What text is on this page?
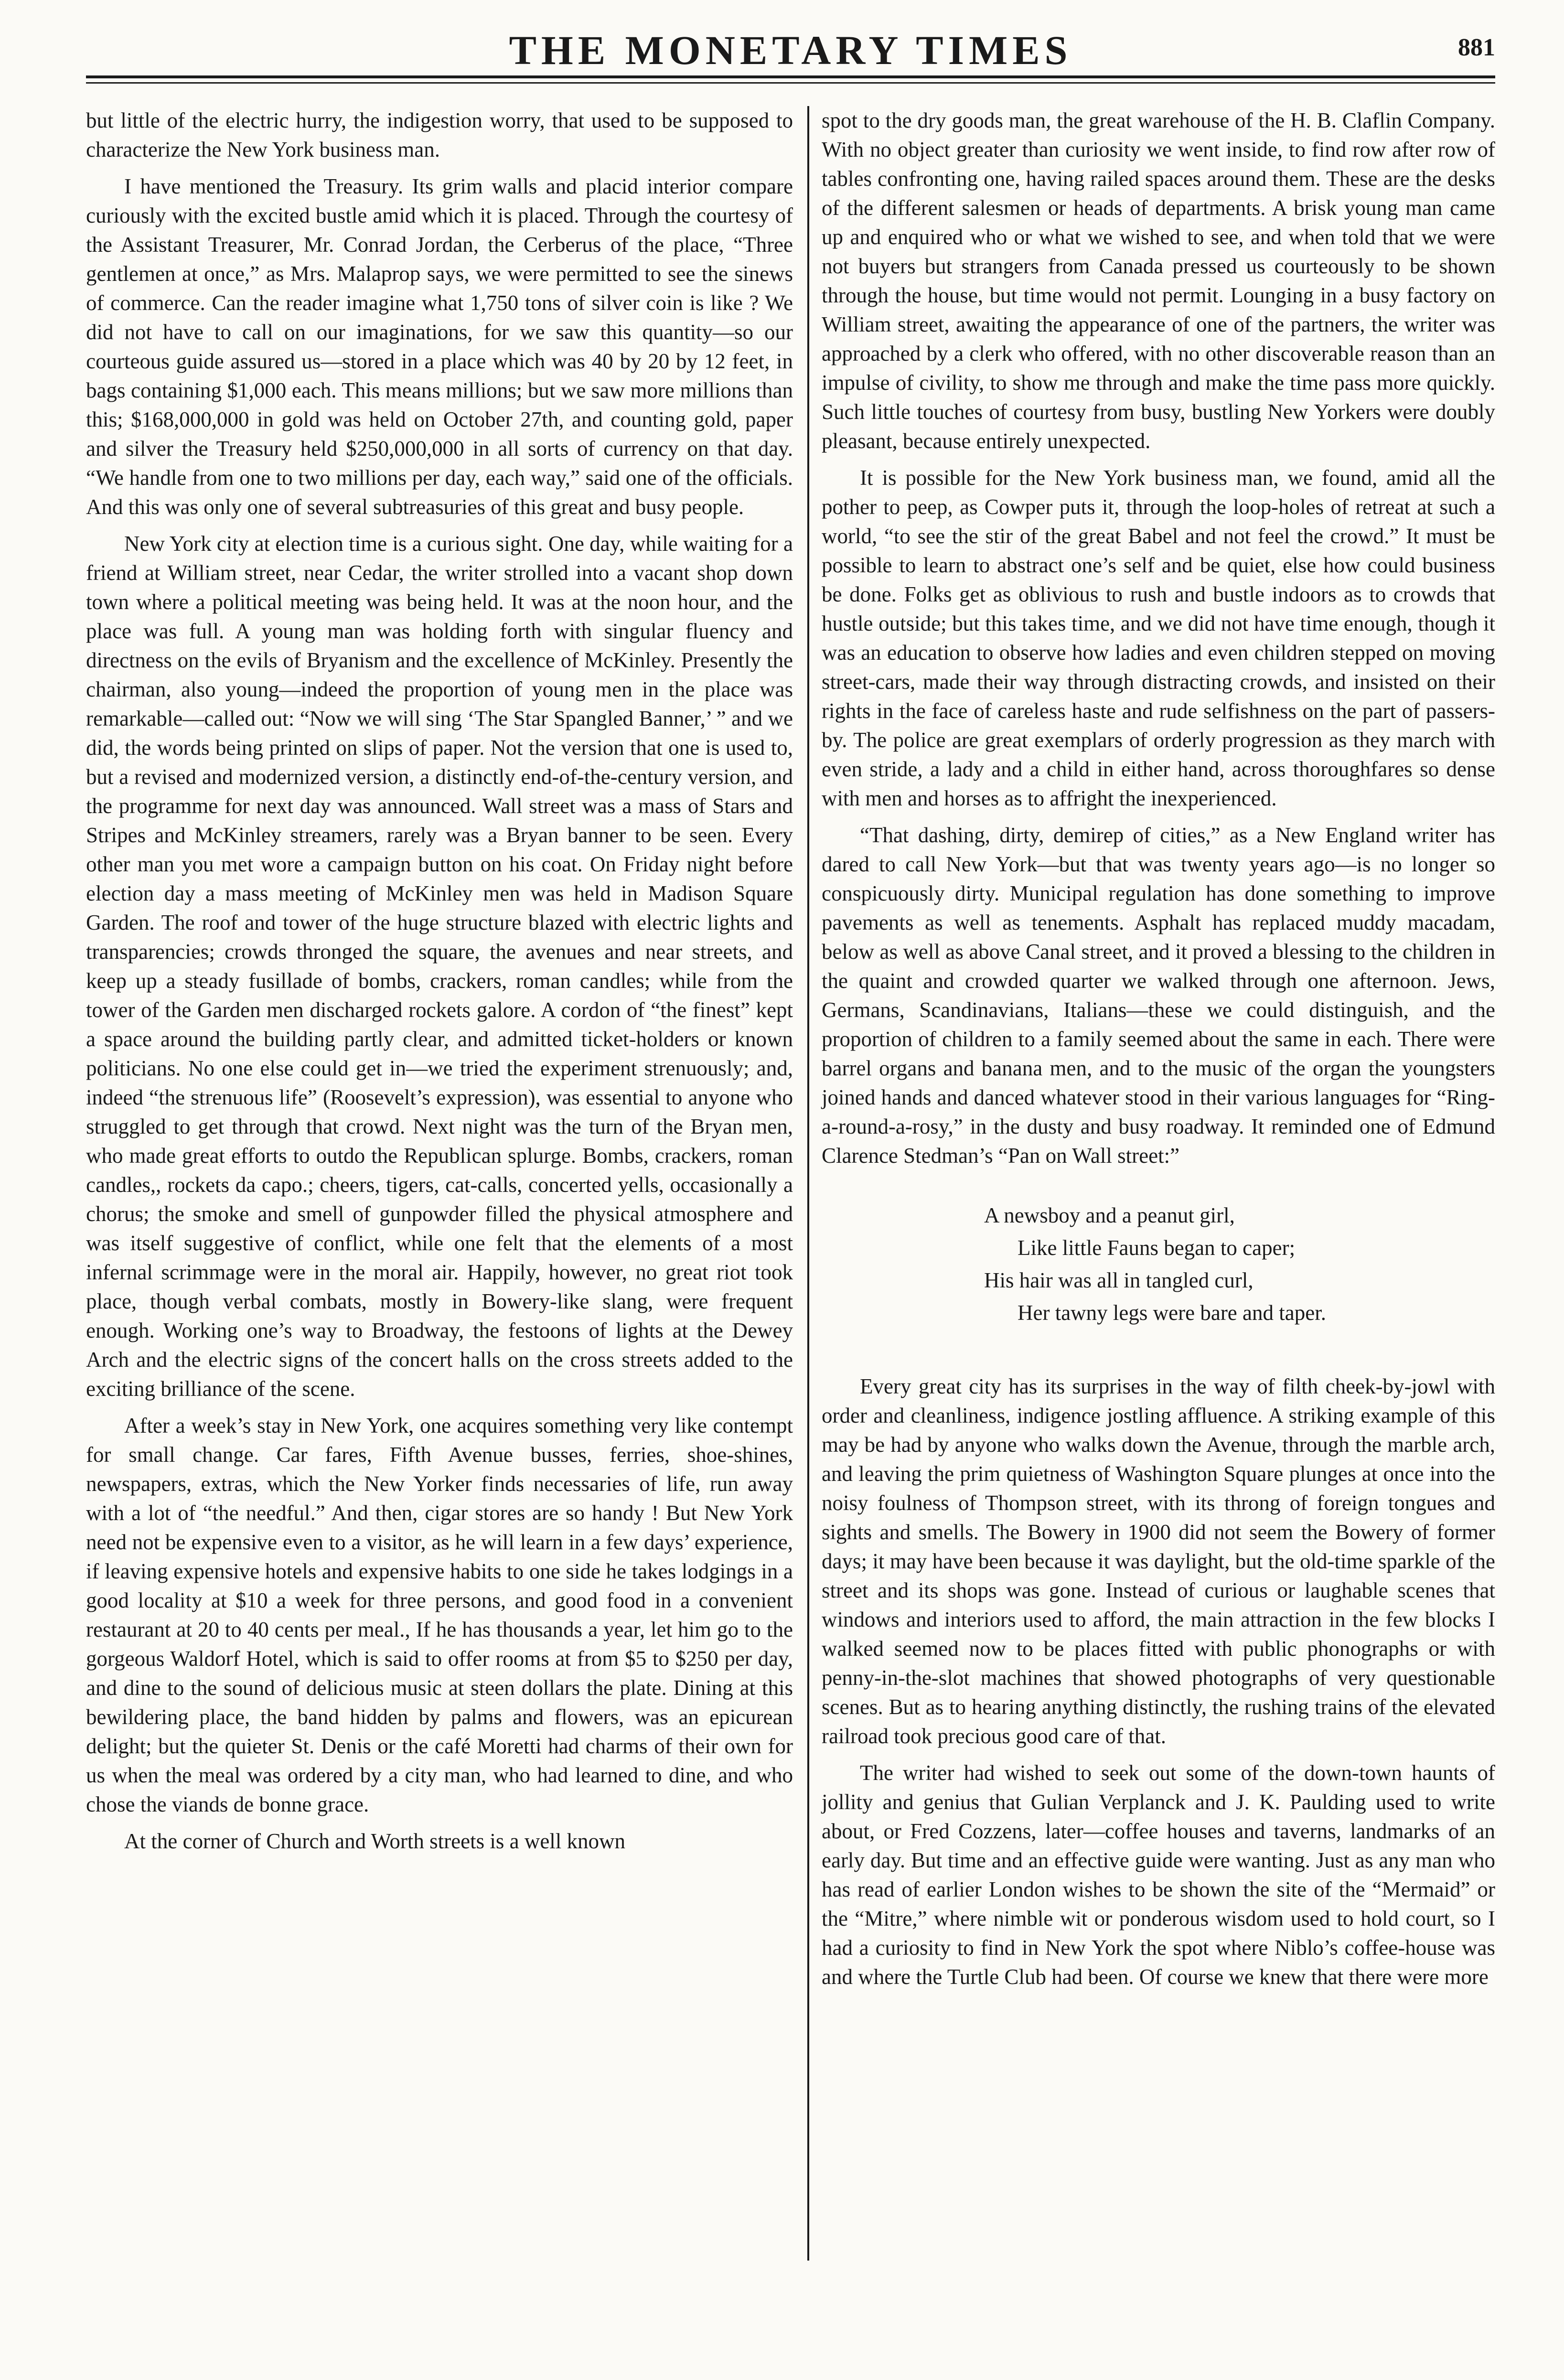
THE MONETARY TIMES	881

but little of the electric hurry, the indigestion worry, that used to be supposed to characterize the New York business man.

I have mentioned the Treasury. Its grim walls and placid interior compare curiously with the excited bustle amid which it is placed. Through the courtesy of the Assistant Treasurer, Mr. Conrad Jordan, the Cerberus of the place, “Three gentlemen at once,” as Mrs. Malaprop says, we were permitted to see the sinews of commerce. Can the reader imagine what 1,750 tons of silver coin is like ? We did not have to call on our imaginations, for we saw this quantity—so our courteous guide assured us—stored in a place which was 40 by 20 by 12 feet, in bags containing $1,000 each. This means millions; but we saw more millions than this; $168,000,000 in gold was held on October 27th, and counting gold, paper and silver the Treasury held $250,000,000 in all sorts of currency on that day. “We handle from one to two millions per day, each way,” said one of the officials. And this was only one of several subtreasuries of this great and busy people.

New York city at election time is a curious sight. One day, while waiting for a friend at William street, near Cedar, the writer strolled into a vacant shop down town where a political meeting was being held. It was at the noon hour, and the place was full. A young man was holding forth with singular fluency and directness on the evils of Bryanism and the excellence of McKinley. Presently the chairman, also young—indeed the proportion of young men in the place was remarkable—called out: “Now we will sing ‘The Star Spangled Banner,’ ” and we did, the words being printed on slips of paper. Not the version that one is used to, but a revised and modernized version, a distinctly end-of-the-century version, and the programme for next day was announced. Wall street was a mass of Stars and Stripes and McKinley streamers, rarely was a Bryan banner to be seen. Every other man you met wore a campaign button on his coat. On Friday night before election day a mass meeting of McKinley men was held in Madison Square Garden. The roof and tower of the huge structure blazed with electric lights and transparencies; crowds thronged the square, the avenues and near streets, and keep up a steady fusillade of bombs, crackers, roman candles; while from the tower of the Garden men discharged rockets galore. A cordon of “the finest” kept a space around the building partly clear, and admitted ticket-holders or known politicians. No one else could get in—we tried the experiment strenuously; and, indeed “the strenuous life” (Roosevelt’s expression), was essential to anyone who struggled to get through that crowd. Next night was the turn of the Bryan men, who made great efforts to outdo the Republican splurge. Bombs, crackers, roman candles,, rockets da capo.; cheers, tigers, cat-calls, concerted yells, occasionally a chorus; the smoke and smell of gunpowder filled the physical atmosphere and was itself suggestive of conflict, while one felt that the elements of a most infernal scrimmage were in the moral air. Happily, however, no great riot took place, though verbal combats, mostly in Bowery-like slang, were frequent enough. Working one’s way to Broadway, the festoons of lights at the Dewey Arch and the electric signs of the concert halls on the cross streets added to the exciting brilliance of the scene.

After a week’s stay in New York, one acquires something very like contempt for small change. Car fares, Fifth Avenue busses, ferries, shoe-shines, newspapers, extras, which the New Yorker finds necessaries of life, run away with a lot of “the needful.” And then, cigar stores are so handy ! But New York need not be expensive even to a visitor, as he will learn in a few days’ experience, if leaving expensive hotels and expensive habits to one side he takes lodgings in a good locality at $10 a week for three persons, and good food in a convenient restaurant at 20 to 40 cents per meal., If he has thousands a year, let him go to the gorgeous Waldorf Hotel, which is said to offer rooms at from $5 to $250 per day, and dine to the sound of delicious music at steen dollars the plate. Dining at this bewildering place, the band hidden by palms and flowers, was an epicurean delight; but the quieter St. Denis or the café Moretti had charms of their own for us when the meal was ordered by a city man, who had learned to dine, and who chose the viands de bonne grace.

At the corner of Church and Worth streets is a well known

spot to the dry goods man, the great warehouse of the H. B. Claflin Company. With no object greater than curiosity we went inside, to find row after row of tables confronting one, having railed spaces around them. These are the desks of the different salesmen or heads of departments. A brisk young man came up and enquired who or what we wished to see, and when told that we were not buyers but strangers from Canada pressed us courteously to be shown through the house, but time would not permit. Lounging in a busy factory on William street, awaiting the appearance of one of the partners, the writer was approached by a clerk who offered, with no other discoverable reason than an impulse of civility, to show me through and make the time pass more quickly. Such little touches of courtesy from busy, bustling New Yorkers were doubly pleasant, because entirely unexpected.

It is possible for the New York business man, we found, amid all the pother to peep, as Cowper puts it, through the loop-holes of retreat at such a world, “to see the stir of the great Babel and not feel the crowd.” It must be possible to learn to abstract one’s self and be quiet, else how could business be done. Folks get as oblivious to rush and bustle indoors as to crowds that hustle outside; but this takes time, and we did not have time enough, though it was an education to observe how ladies and even children stepped on moving street-cars, made their way through distracting crowds, and insisted on their rights in the face of careless haste and rude selfishness on the part of passers-by. The police are great exemplars of orderly progression as they march with even stride, a lady and a child in either hand, across thoroughfares so dense with men and horses as to affright the inexperienced.

“That dashing, dirty, demirep of cities,” as a New England writer has dared to call New York—but that was twenty years ago—is no longer so conspicuously dirty. Municipal regulation has done something to improve pavements as well as tenements. Asphalt has replaced muddy macadam, below as well as above Canal street, and it proved a blessing to the children in the quaint and crowded quarter we walked through one afternoon. Jews, Germans, Scandinavians, Italians—these we could distinguish, and the proportion of children to a family seemed about the same in each. There were barrel organs and banana men, and to the music of the organ the youngsters joined hands and danced whatever stood in their various languages for “Ring-a-round-a-rosy,” in the dusty and busy roadway. It reminded one of Edmund Clarence Stedman’s “Pan on Wall street:”

A newsboy and a peanut girl,
Like little Fauns began to caper;
His hair was all in tangled curl,
Her tawny legs were bare and taper.

Every great city has its surprises in the way of filth cheek-by-jowl with order and cleanliness, indigence jostling affluence. A striking example of this may be had by anyone who walks down the Avenue, through the marble arch, and leaving the prim quietness of Washington Square plunges at once into the noisy foulness of Thompson street, with its throng of foreign tongues and sights and smells. The Bowery in 1900 did not seem the Bowery of former days; it may have been because it was daylight, but the old-time sparkle of the street and its shops was gone. Instead of curious or laughable scenes that windows and interiors used to afford, the main attraction in the few blocks I walked seemed now to be places fitted with public phonographs or with penny-in-the-slot machines that showed photographs of very questionable scenes. But as to hearing anything distinctly, the rushing trains of the elevated railroad took precious good care of that.

The writer had wished to seek out some of the down-town haunts of jollity and genius that Gulian Verplanck and J. K. Paulding used to write about, or Fred Cozzens, later—coffee houses and taverns, landmarks of an early day. But time and an effective guide were wanting. Just as any man who has read of earlier London wishes to be shown the site of the “Mermaid” or the “Mitre,” where nimble wit or ponderous wisdom used to hold court, so I had a curiosity to find in New York the spot where Niblo’s coffee-house was and where the Turtle Club had been. Of course we knew that there were more
